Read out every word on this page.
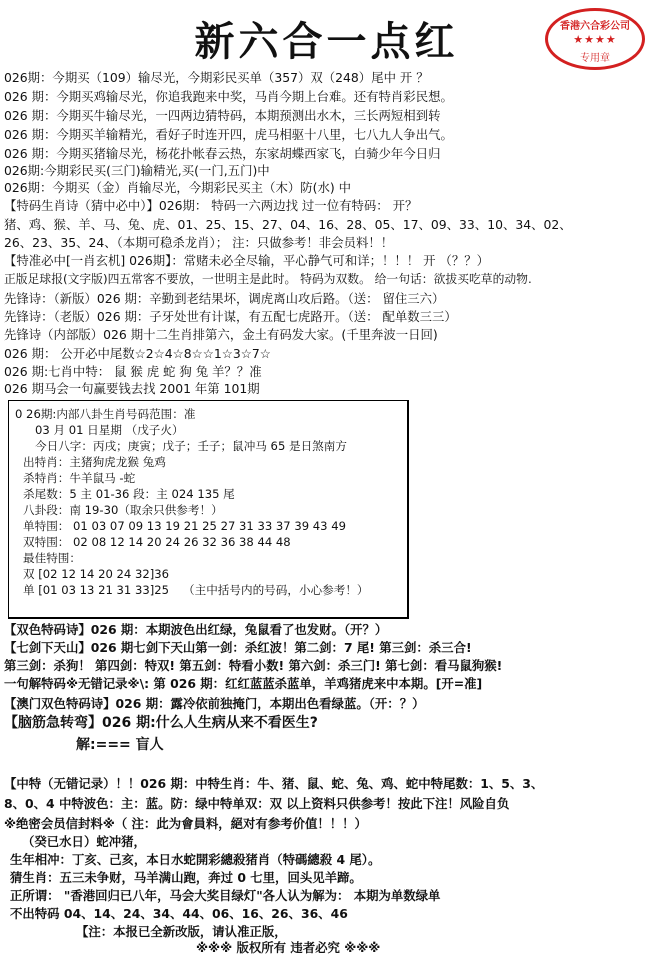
新六合一点红	香港六合彩公司
★★★★
专用章
026期：今期买（109）输尽光，今期彩民买单（357）双（248）尾中 开 ？
026 期：今期买鸡输尽光，你追我跑来中奖，马肖今期上台难。还有特肖彩民想。
026 期：今期买牛输尽光，一四两边猜特码，本期预测出水木，三长两短相到转
026 期：今期买羊输精光，看好子时连开四，虎马相驱十八里，七八九人争出气。
026 期：今期买猪输尽光，杨花扑帐春云热，东家胡蝶西家飞，白骑少年今日归
026期:今期彩民买(三门)输精光,买(一门,五门)中
026期：今期买（金）肖输尽光，今期彩民买主（木）防(水) 中
【特码生肖诗（猜中必中）】026期： 特码一六两边找 过一位有特码： 开？
猪、鸡、猴、羊、马、兔、虎、01、25、15、27、04、16、28、05、17、09、33、10、34、02、
26、23、35、24、（本期可稳杀龙肖）； 注：只做参考！非会员料！！
【特准必中[一肖玄机] 026期】：常赌未必全尽输，平心静气可和详；！！！ 开 （？？）
正版足球报(文字版)四五常客不要放，一世明主是此时。 特码为双数。 给一句话：欲拔买吃草的动物.
先锋诗：（新版）026 期：辛勤到老结果坏，调虎离山攻后路。（送： 留住三六）
先锋诗：（老版）026 期：子牙处世有计谋，有五配七虎路开。（送： 配单数三三）
先锋诗（内部版）026 期十二生肖排第六，金土有码发大家。(千里奔波一日回)
026 期： 公开必中尾数☆2☆4☆8☆☆1☆3☆7☆
026 期:七肖中特： 鼠 猴 虎 蛇 狗 兔 羊？？准
026 期马会一句赢要钱去找 2001 年第 101期
0 26期:内部八卦生肖号码范围：准
03 月 01 日星期 （戊子火）
今日八字：丙戌；庚寅；戊子；壬子；鼠冲马 65 是日煞南方
出特肖：主猪狗虎龙猴 兔鸡
杀特肖：牛羊鼠马 -蛇
杀尾数：5 主 01-36 段：主 024 135 尾
八卦段：南 19-30（取余只供参考！）
单特围： 01 03 07 09 13 19 21 25 27 31 33 37 39 43 49
双特围： 02 08 12 14 20 24 26 32 36 38 44 48
最佳特围：
双 [02 12 14 20 24 32]36
单 [01 03 13 21 31 33]25 （主中括号内的号码，小心参考！）
【双色特码诗】026 期：本期波色出红绿，兔鼠看了也发财。（开？）
【七剑下天山】026 期七剑下天山第一剑：杀红波！第二剑：7 尾! 第三剑：杀三合!
第三剑：杀狗！ 第四剑：特双! 第五剑：特看小数! 第六剑：杀三门! 第七剑：看马鼠狗猴!
一句解特码※无错记录※\: 第 026 期：红红蓝蓝杀蓝单，羊鸡猪虎来中本期。[开=准]
【澳门双色特码诗】026 期：露冷依前独掩门，本期出色看绿蓝。（开：？）
【脑筋急转弯】026 期:什么人生病从来不看医生?
解:=== 盲人
【中特（无错记录）！！026 期：中特生肖：牛、猪、鼠、蛇、兔、鸡、蛇中特尾数：1、5、3、
8、0、4 中特波色：主：蓝。防：绿中特单双：双 以上资料只供参考！按此下注！风险自负
※绝密会员信封料※（ 注：此为會員料，絕对有参考价值！！！）
（癸已水日）蛇冲猪，
生年相冲：丁亥、己亥，本日水蛇開彩總殺猪肖（特碼總殺 4 尾）。
猜生肖：五三未争财，马羊满山跑，奔过 0 七里，回头见羊蹄。
正所谓： "香港回归已八年，马会大奖目绿灯"各人认为解为： 本期为单数绿单
不出特码 04、14、24、34、44、06、16、26、36、46
【注：本报已全新改版，请认准正版，
※※※ 版权所有 违者必究 ※※※
